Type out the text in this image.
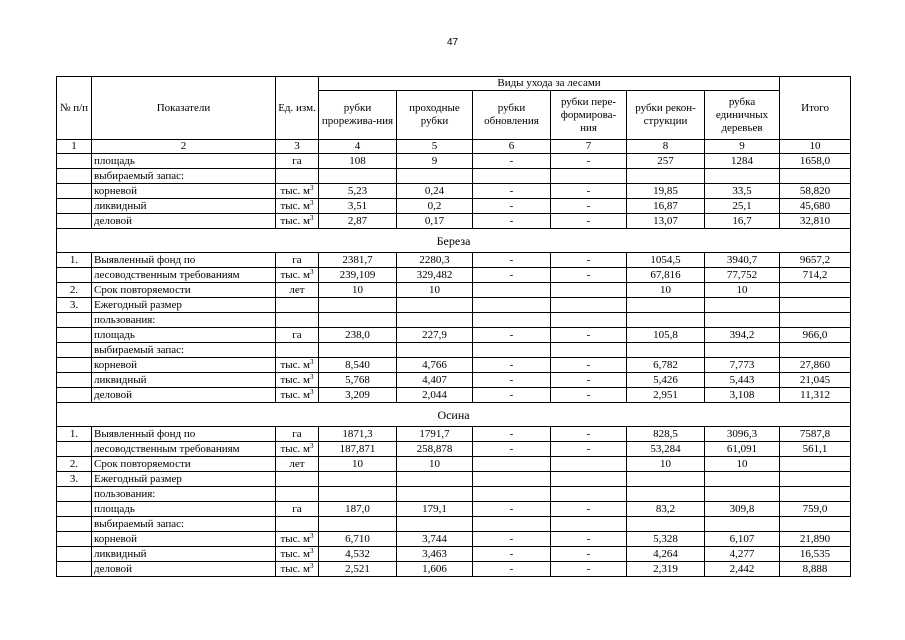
47
№ п/п	Показатели	Ед. изм.	Виды ухода за лесами						Итого
			рубки прорежива-ния	проходные рубки	рубки обновления	рубки пере-формирова-ния	рубки рекон-струкции	рубка единичных деревьев	
1	2	3	4	5	6	7	8	9	10
	площадь	га	108	9	-	-	257	1284	1658,0
	выбираемый запас:								
	корневой	тыс. $м^3$	5,23	0,24	-	-	19,85	33,5	58,820
	ликвидный	тыс. $м^3$	3,51	0,2	-	-	16,87	25,1	45,680
	деловой	тыс. $м^3$	2,87	0,17	-	-	13,07	16,7	32,810
Береза									
1.	Выявленный фонд по	га	2381,7	2280,3	-	-	1054,5	3940,7	9657,2
	лесоводственным требованиям	тыс. $м^3$	239,109	329,482	-	-	67,816	77,752	714,2
2.	Срок повторяемости	лет	10	10			10	10	
3.	Ежегодный размер								
	пользования:								
	площадь	га	238,0	227,9	-	-	105,8	394,2	966,0
	выбираемый запас:								
	корневой	тыс. $м^3$	8,540	4,766	-	-	6,782	7,773	27,860
	ликвидный	тыс. $м^3$	5,768	4,407	-	-	5,426	5,443	21,045
	деловой	тыс. $м^3$	3,209	2,044	-	-	2,951	3,108	11,312
Осина									
1.	Выявленный фонд по	га	1871,3	1791,7	-	-	828,5	3096,3	7587,8
	лесоводственным требованиям	тыс. $м^3$	187,871	258,878	-	-	53,284	61,091	561,1
2.	Срок повторяемости	лет	10	10			10	10	
3.	Ежегодный размер								
	пользования:								
	площадь	га	187,0	179,1	-	-	83,2	309,8	759,0
	выбираемый запас:								
	корневой	тыс. $м^3$	6,710	3,744	-	-	5,328	6,107	21,890
	ликвидный	тыс. $м^3$	4,532	3,463	-	-	4,264	4,277	16,535
	деловой	тыс. $м^3$	2,521	1,606	-	-	2,319	2,442	8,888
